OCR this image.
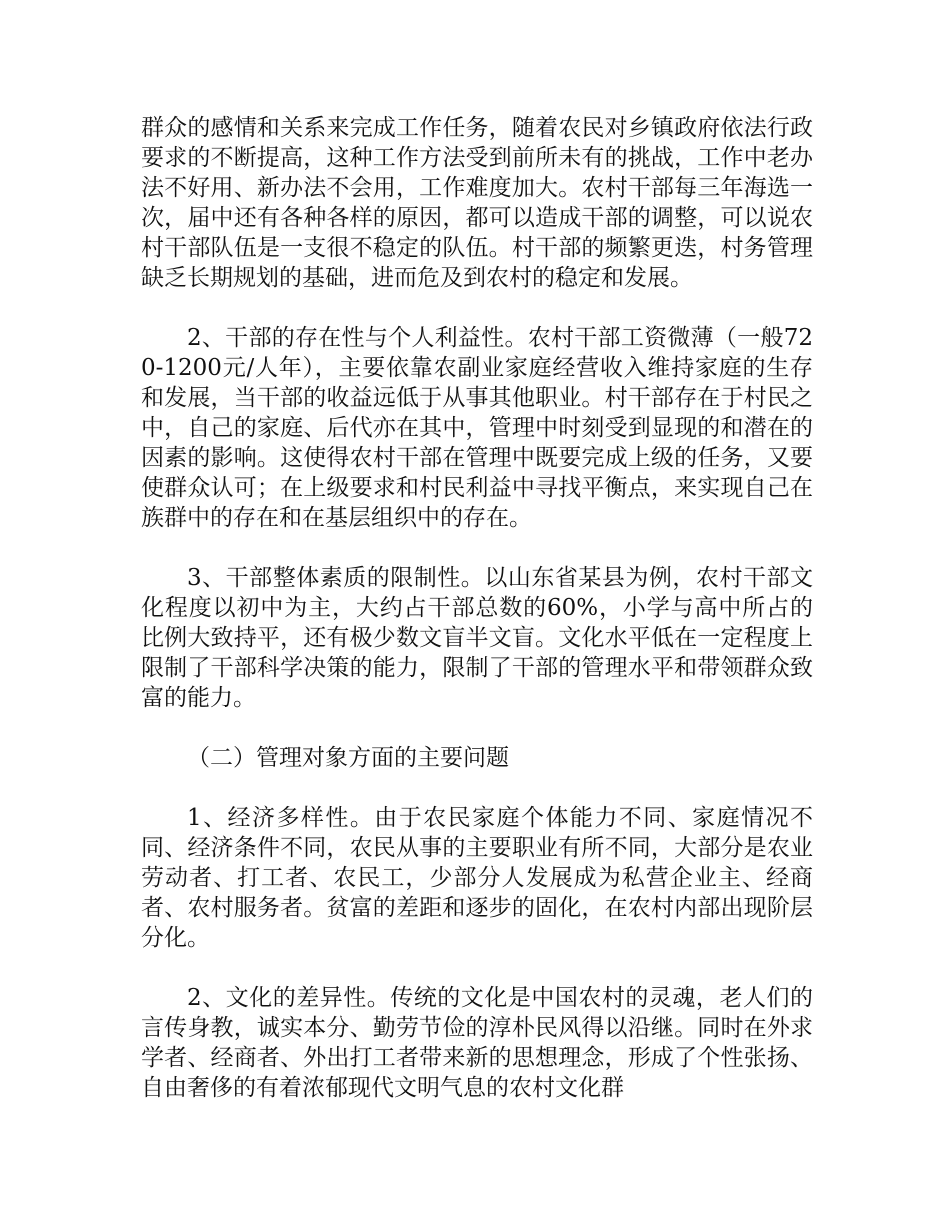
群众的感情和关系来完成工作任务，随着农民对乡镇政府依法行政要求的不断提高，这种工作方法受到前所未有的挑战，工作中老办法不好用、新办法不会用，工作难度加大。农村干部每三年海选一次，届中还有各种各样的原因，都可以造成干部的调整，可以说农村干部队伍是一支很不稳定的队伍。村干部的频繁更迭，村务管理缺乏长期规划的基础，进而危及到农村的稳定和发展。

2、干部的存在性与个人利益性。农村干部工资微薄（一般720-1200元/人年），主要依靠农副业家庭经营收入维持家庭的生存和发展，当干部的收益远低于从事其他职业。村干部存在于村民之中，自己的家庭、后代亦在其中，管理中时刻受到显现的和潜在的因素的影响。这使得农村干部在管理中既要完成上级的任务，又要使群众认可；在上级要求和村民利益中寻找平衡点，来实现自己在族群中的存在和在基层组织中的存在。

3、干部整体素质的限制性。以山东省某县为例，农村干部文化程度以初中为主，大约占干部总数的60%，小学与高中所占的比例大致持平，还有极少数文盲半文盲。文化水平低在一定程度上限制了干部科学决策的能力，限制了干部的管理水平和带领群众致富的能力。

（二）管理对象方面的主要问题

1、经济多样性。由于农民家庭个体能力不同、家庭情况不同、经济条件不同，农民从事的主要职业有所不同，大部分是农业劳动者、打工者、农民工，少部分人发展成为私营企业主、经商者、农村服务者。贫富的差距和逐步的固化，在农村内部出现阶层分化。

2、文化的差异性。传统的文化是中国农村的灵魂，老人们的言传身教，诚实本分、勤劳节俭的淳朴民风得以沿继。同时在外求学者、经商者、外出打工者带来新的思想理念，形成了个性张扬、自由奢侈的有着浓郁现代文明气息的农村文化群
